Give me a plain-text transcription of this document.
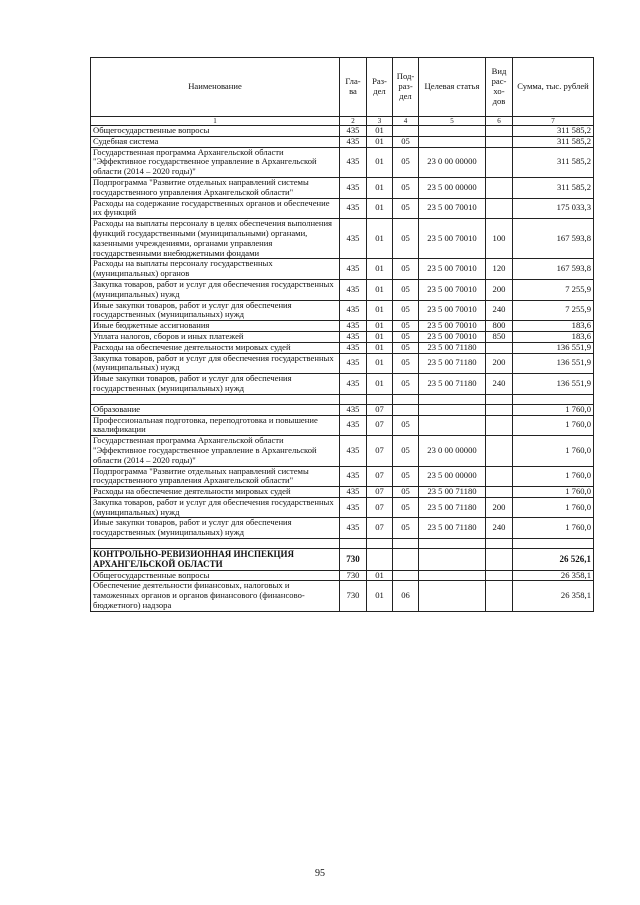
Наименование	Гла-ва	Раз-дел	Под-раз-дел	Целевая статья	Вид рас-хо-дов	Сумма, тыс. рублей
1	2	3	4	5	6	7
Общегосударственные вопросы	435	01				311 585,2
Судебная система	435	01	05			311 585,2
Государственная программа Архангельской области "Эффективное государственное управление в Архангельской области (2014 – 2020 годы)"	435	01	05	23 0 00 00000		311 585,2
Подпрограмма "Развитие отдельных направлений системы государственного управления Архангельской области"	435	01	05	23 5 00 00000		311 585,2
Расходы на содержание государственных органов и обеспечение их функций	435	01	05	23 5 00 70010		175 033,3
Расходы на выплаты персоналу в целях обеспечения выполнения функций государственными (муниципальными) органами, казенными учреждениями, органами управления государственными внебюджетными фондами	435	01	05	23 5 00 70010	100	167 593,8
Расходы на выплаты персоналу государственных (муниципальных) органов	435	01	05	23 5 00 70010	120	167 593,8
Закупка товаров, работ и услуг для обеспечения государственных (муниципальных) нужд	435	01	05	23 5 00 70010	200	7 255,9
Иные закупки товаров, работ и услуг для обеспечения государственных (муниципальных) нужд	435	01	05	23 5 00 70010	240	7 255,9
Иные бюджетные ассигнования	435	01	05	23 5 00 70010	800	183,6
Уплата налогов, сборов и иных платежей	435	01	05	23 5 00 70010	850	183,6
Расходы на обеспечение деятельности мировых судей	435	01	05	23 5 00 71180		136 551,9
Закупка товаров, работ и услуг для обеспечения государственных (муниципальных) нужд	435	01	05	23 5 00 71180	200	136 551,9
Иные закупки товаров, работ и услуг для обеспечения государственных (муниципальных) нужд	435	01	05	23 5 00 71180	240	136 551,9

Образование	435	07				1 760,0
Профессиональная подготовка, переподготовка и повышение квалификации	435	07	05			1 760,0
Государственная программа Архангельской области "Эффективное государственное управление в Архангельской области (2014 – 2020 годы)"	435	07	05	23 0 00 00000		1 760,0
Подпрограмма "Развитие отдельных направлений системы государственного управления Архангельской области"	435	07	05	23 5 00 00000		1 760,0
Расходы на обеспечение деятельности мировых судей	435	07	05	23 5 00 71180		1 760,0
Закупка товаров, работ и услуг для обеспечения государственных (муниципальных) нужд	435	07	05	23 5 00 71180	200	1 760,0
Иные закупки товаров, работ и услуг для обеспечения государственных (муниципальных) нужд	435	07	05	23 5 00 71180	240	1 760,0

КОНТРОЛЬНО-РЕВИЗИОННАЯ ИНСПЕКЦИЯ АРХАНГЕЛЬСКОЙ ОБЛАСТИ	730					26 526,1
Общегосударственные вопросы	730	01				26 358,1
Обеспечение деятельности финансовых, налоговых и таможенных органов и органов финансового (финансово-бюджетного) надзора	730	01	06			26 358,1
95
